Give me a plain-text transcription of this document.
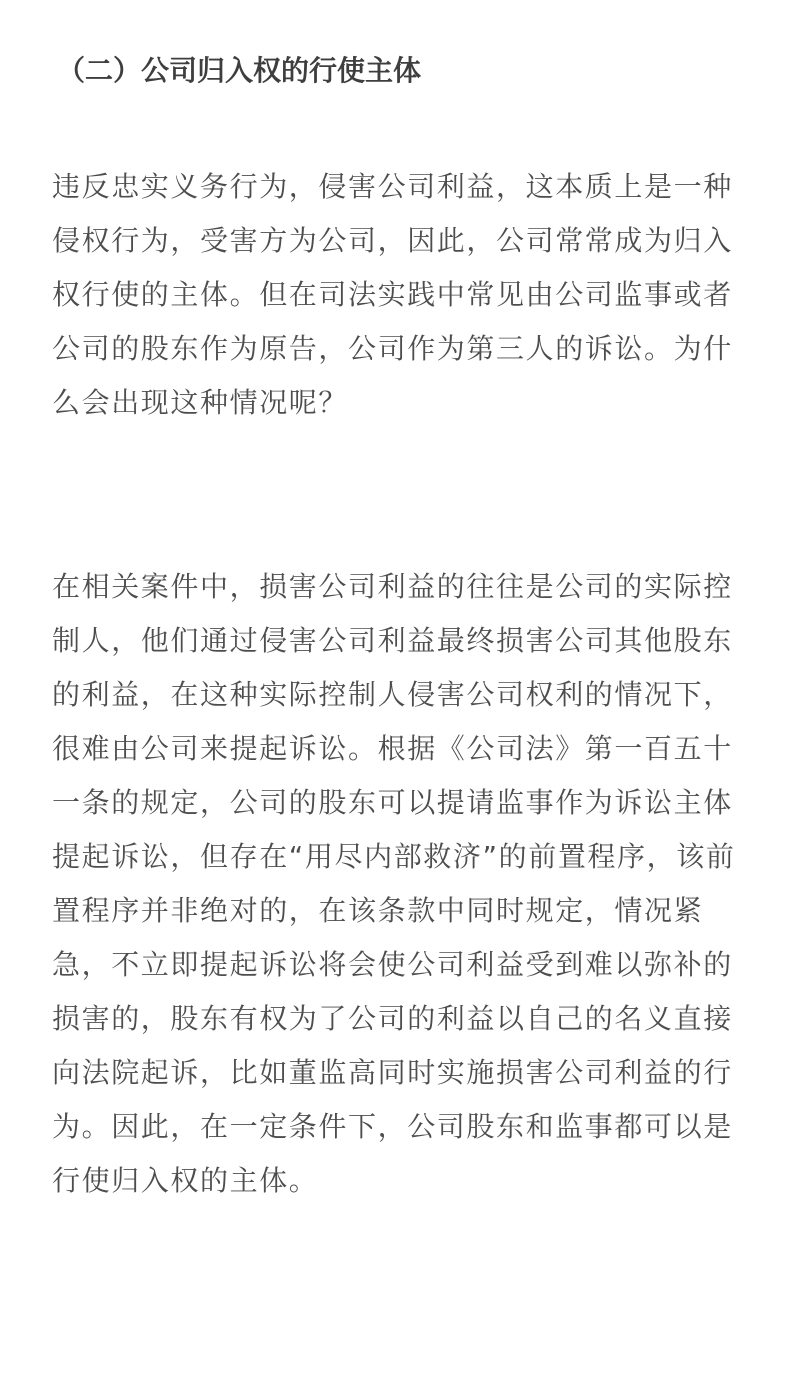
（二）公司归入权的行使主体

违反忠实义务行为，侵害公司利益，这本质上是一种
侵权行为，受害方为公司，因此，公司常常成为归入
权行使的主体。但在司法实践中常见由公司监事或者
公司的股东作为原告，公司作为第三人的诉讼。为什
么会出现这种情况呢？

在相关案件中，损害公司利益的往往是公司的实际控
制人，他们通过侵害公司利益最终损害公司其他股东
的利益，在这种实际控制人侵害公司权利的情况下，
很难由公司来提起诉讼。根据《公司法》第一百五十
一条的规定，公司的股东可以提请监事作为诉讼主体
提起诉讼，但存在“用尽内部救济”的前置程序，该前
置程序并非绝对的，在该条款中同时规定，情况紧
急，不立即提起诉讼将会使公司利益受到难以弥补的
损害的，股东有权为了公司的利益以自己的名义直接
向法院起诉，比如董监高同时实施损害公司利益的行
为。因此，在一定条件下，公司股东和监事都可以是
行使归入权的主体。
